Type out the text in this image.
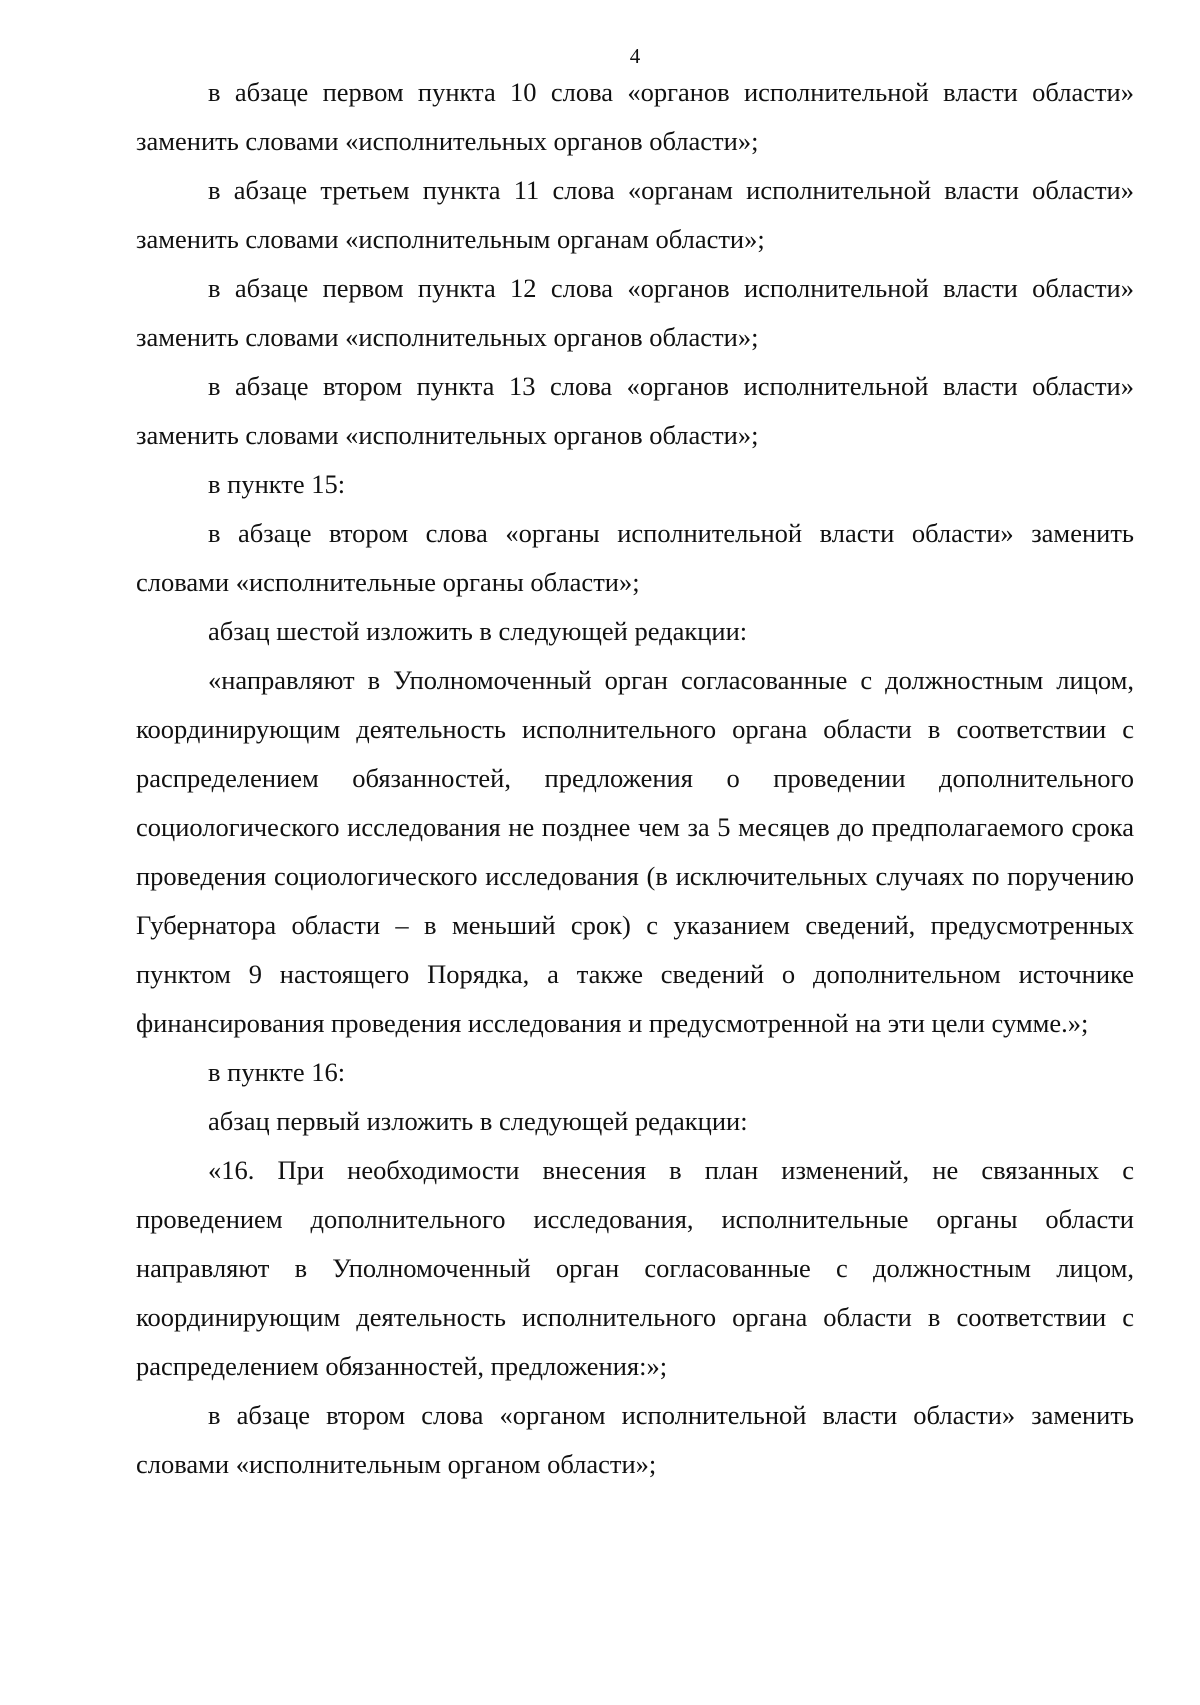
4

в абзаце первом пункта 10 слова «органов исполнительной власти области» заменить словами «исполнительных органов области»;

в абзаце третьем пункта 11 слова «органам исполнительной власти области» заменить словами «исполнительным органам области»;

в абзаце первом пункта 12 слова «органов исполнительной власти области» заменить словами «исполнительных органов области»;

в абзаце втором пункта 13 слова «органов исполнительной власти области» заменить словами «исполнительных органов области»;

в пункте 15:

в абзаце втором слова «органы исполнительной власти области» заменить словами «исполнительные органы области»;

абзац шестой изложить в следующей редакции:

«направляют в Уполномоченный орган согласованные с должностным лицом, координирующим деятельность исполнительного органа области в соответствии с распределением обязанностей, предложения о проведении дополнительного социологического исследования не позднее чем за 5 месяцев до предполагаемого срока проведения социологического исследования (в исключительных случаях по поручению Губернатора области – в меньший срок) с указанием сведений, предусмотренных пунктом 9 настоящего Порядка, а также сведений о дополнительном источнике финансирования проведения исследования и предусмотренной на эти цели сумме.»;

в пункте 16:

абзац первый изложить в следующей редакции:

«16. При необходимости внесения в план изменений, не связанных с проведением дополнительного исследования, исполнительные органы области направляют в Уполномоченный орган согласованные с должностным лицом, координирующим деятельность исполнительного органа области в соответствии с распределением обязанностей, предложения:»;

в абзаце втором слова «органом исполнительной власти области» заменить словами «исполнительным органом области»;
